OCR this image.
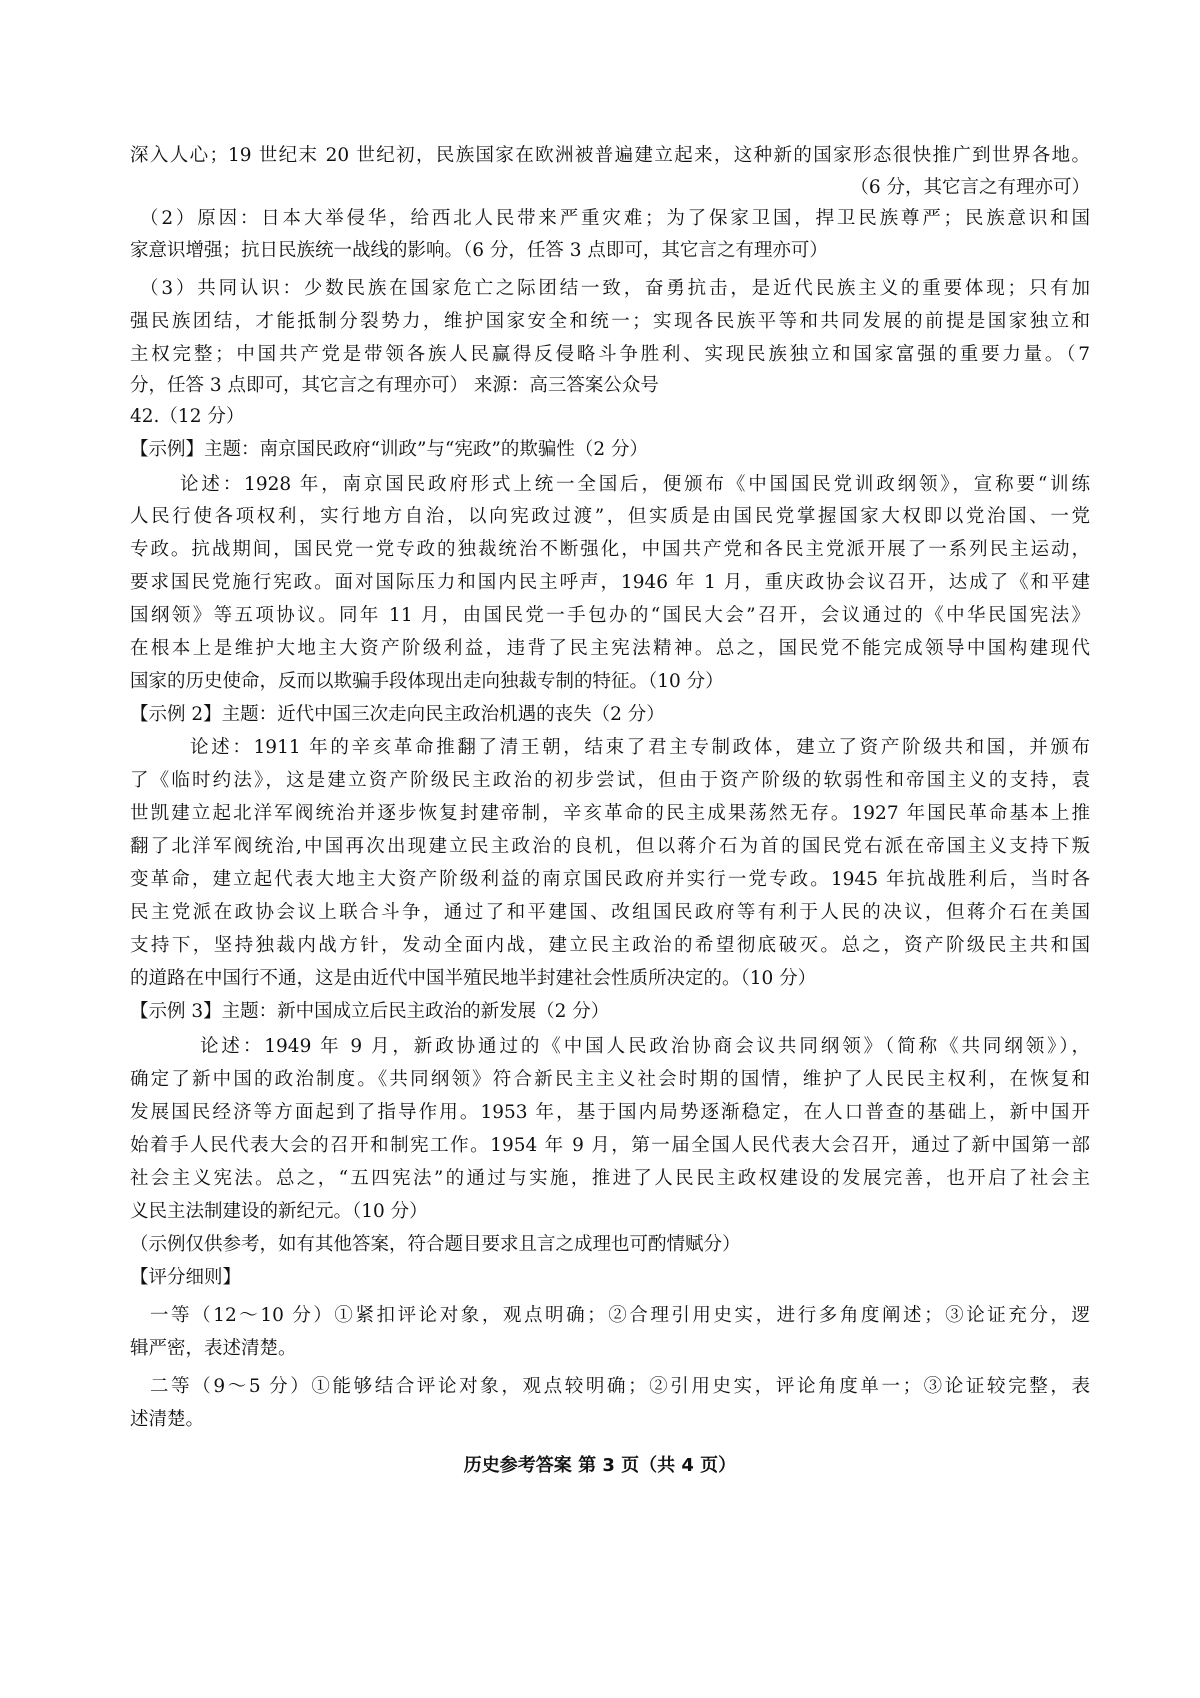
深入人心；19 世纪末 20 世纪初，民族国家在欧洲被普遍建立起来，这种新的国家形态很快推广到世界各地。
（6 分，其它言之有理亦可）
（2）原因：日本大举侵华，给西北人民带来严重灾难；为了保家卫国，捍卫民族尊严；民族意识和国
家意识增强；抗日民族统一战线的影响。（6 分，任答 3 点即可，其它言之有理亦可）
（3）共同认识：少数民族在国家危亡之际团结一致，奋勇抗击，是近代民族主义的重要体现；只有加
强民族团结，才能抵制分裂势力，维护国家安全和统一；实现各民族平等和共同发展的前提是国家独立和
主权完整；中国共产党是带领各族人民赢得反侵略斗争胜利、实现民族独立和国家富强的重要力量。（7
分，任答 3 点即可，其它言之有理亦可） 来源：高三答案公众号
42.（12 分）
【示例】主题：南京国民政府“训政”与“宪政”的欺骗性（2 分）
论述：1928 年，南京国民政府形式上统一全国后，便颁布《中国国民党训政纲领》，宣称要“训练
人民行使各项权利，实行地方自治，以向宪政过渡”，但实质是由国民党掌握国家大权即以党治国、一党
专政。抗战期间，国民党一党专政的独裁统治不断强化，中国共产党和各民主党派开展了一系列民主运动，
要求国民党施行宪政。面对国际压力和国内民主呼声，1946 年 1 月，重庆政协会议召开，达成了《和平建
国纲领》等五项协议。同年 11 月，由国民党一手包办的“国民大会”召开，会议通过的《中华民国宪法》
在根本上是维护大地主大资产阶级利益，违背了民主宪法精神。总之，国民党不能完成领导中国构建现代
国家的历史使命，反而以欺骗手段体现出走向独裁专制的特征。（10 分）
【示例 2】主题：近代中国三次走向民主政治机遇的丧失（2 分）
论述：1911 年的辛亥革命推翻了清王朝，结束了君主专制政体，建立了资产阶级共和国，并颁布
了《临时约法》，这是建立资产阶级民主政治的初步尝试，但由于资产阶级的软弱性和帝国主义的支持，袁
世凯建立起北洋军阀统治并逐步恢复封建帝制，辛亥革命的民主成果荡然无存。1927 年国民革命基本上推
翻了北洋军阀统治,中国再次出现建立民主政治的良机，但以蒋介石为首的国民党右派在帝国主义支持下叛
变革命，建立起代表大地主大资产阶级利益的南京国民政府并实行一党专政。1945 年抗战胜利后，当时各
民主党派在政协会议上联合斗争，通过了和平建国、改组国民政府等有利于人民的决议，但蒋介石在美国
支持下，坚持独裁内战方针，发动全面内战，建立民主政治的希望彻底破灭。总之，资产阶级民主共和国
的道路在中国行不通，这是由近代中国半殖民地半封建社会性质所决定的。（10 分）
【示例 3】主题：新中国成立后民主政治的新发展（2 分）
论述：1949 年 9 月，新政协通过的《中国人民政治协商会议共同纲领》（简称《共同纲领》），
确定了新中国的政治制度。《共同纲领》符合新民主主义社会时期的国情，维护了人民民主权利，在恢复和
发展国民经济等方面起到了指导作用。1953 年，基于国内局势逐渐稳定，在人口普查的基础上，新中国开
始着手人民代表大会的召开和制宪工作。1954 年 9 月，第一届全国人民代表大会召开，通过了新中国第一部
社会主义宪法。总之，“五四宪法”的通过与实施，推进了人民民主政权建设的发展完善，也开启了社会主
义民主法制建设的新纪元。（10 分）
（示例仅供参考，如有其他答案，符合题目要求且言之成理也可酌情赋分）
【评分细则】
一等（12～10 分）①紧扣评论对象，观点明确；②合理引用史实，进行多角度阐述；③论证充分，逻
辑严密，表述清楚。
二等（9～5 分）①能够结合评论对象，观点较明确；②引用史实，评论角度单一；③论证较完整，表
述清楚。
历史参考答案 第 3 页（共 4 页）
